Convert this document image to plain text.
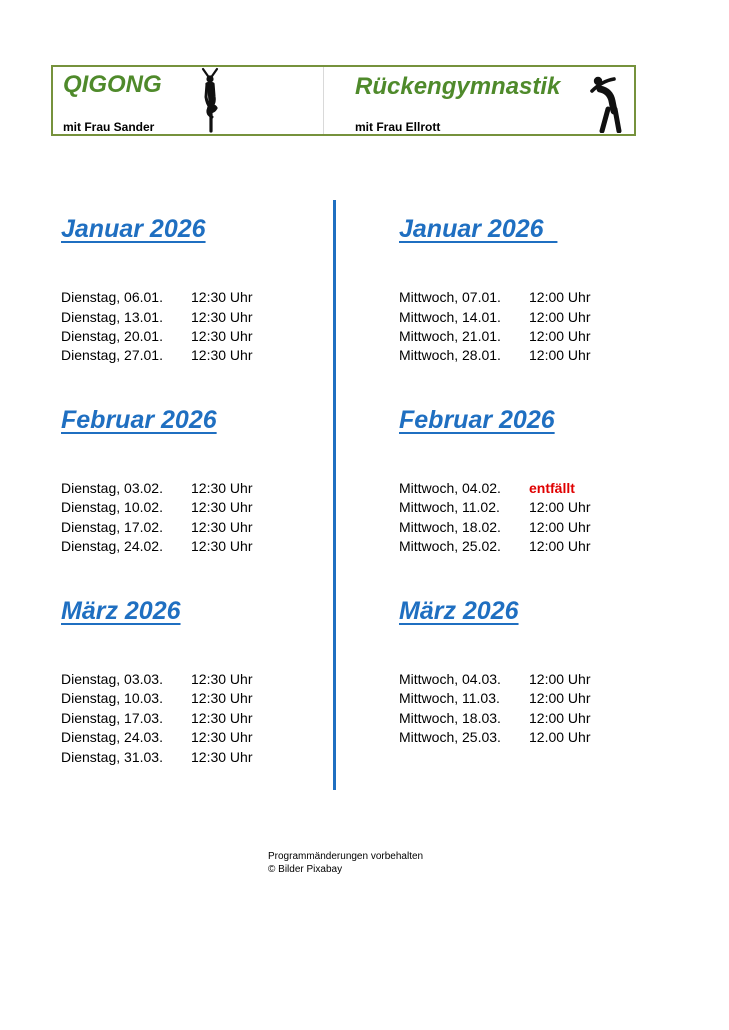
QIGONG
mit Frau Sander
Rückengymnastik
mit Frau Ellrott
Januar 2026
Dienstag, 06.01. 12:30 Uhr
Dienstag, 13.01. 12:30 Uhr
Dienstag, 20.01. 12:30 Uhr
Dienstag, 27.01. 12:30 Uhr
Februar 2026
Dienstag, 03.02. 12:30 Uhr
Dienstag, 10.02. 12:30 Uhr
Dienstag, 17.02. 12:30 Uhr
Dienstag, 24.02. 12:30 Uhr
März 2026
Dienstag, 03.03. 12:30 Uhr
Dienstag, 10.03. 12:30 Uhr
Dienstag, 17.03. 12:30 Uhr
Dienstag, 24.03. 12:30 Uhr
Dienstag, 31.03. 12:30 Uhr
Januar 2026
Mittwoch, 07.01. 12:00 Uhr
Mittwoch, 14.01. 12:00 Uhr
Mittwoch, 21.01. 12:00 Uhr
Mittwoch, 28.01. 12:00 Uhr
Februar 2026
Mittwoch, 04.02. entfällt
Mittwoch, 11.02. 12:00 Uhr
Mittwoch, 18.02. 12:00 Uhr
Mittwoch, 25.02. 12:00 Uhr
März 2026
Mittwoch, 04.03. 12:00 Uhr
Mittwoch, 11.03. 12:00 Uhr
Mittwoch, 18.03. 12:00 Uhr
Mittwoch, 25.03. 12.00 Uhr
Programmänderungen vorbehalten
© Bilder Pixabay
